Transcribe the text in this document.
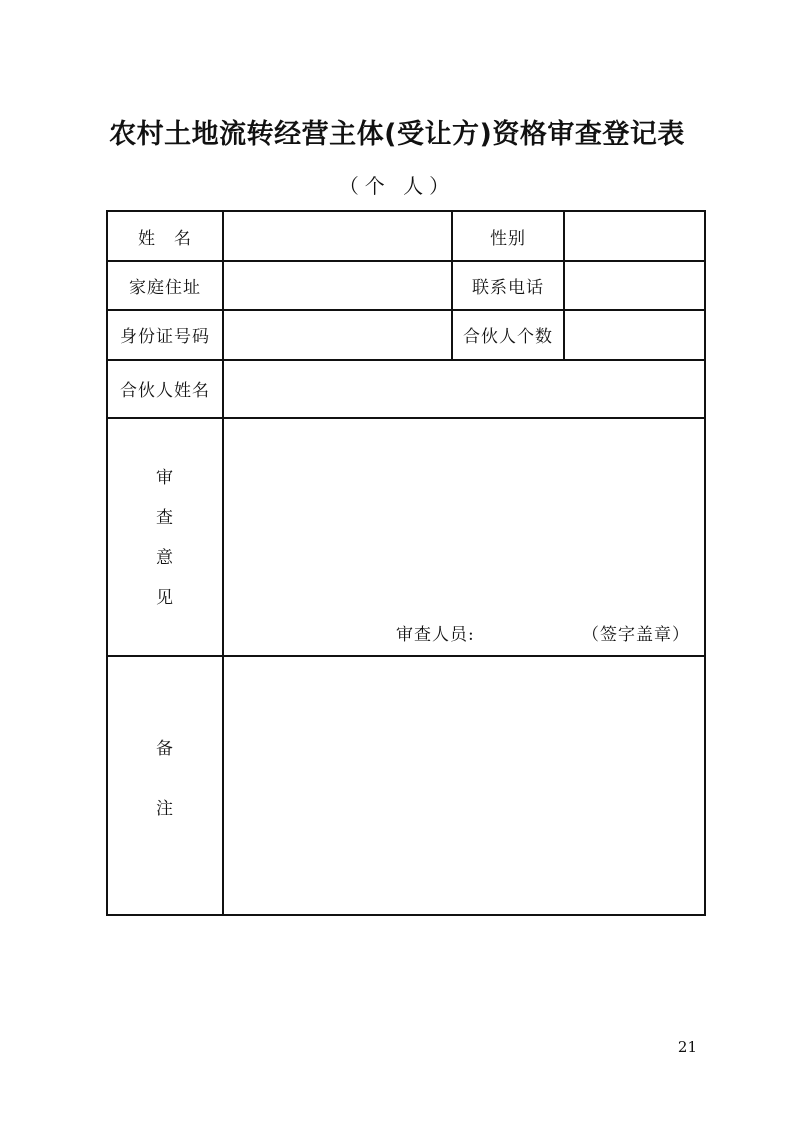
农村土地流转经营主体(受让方)资格审查登记表
（个 人）
姓　名	性别
家庭住址	联系电话
身份证号码	合伙人个数
合伙人姓名
审
查
意
见
审查人员:	（签字盖章）
备
注
21
